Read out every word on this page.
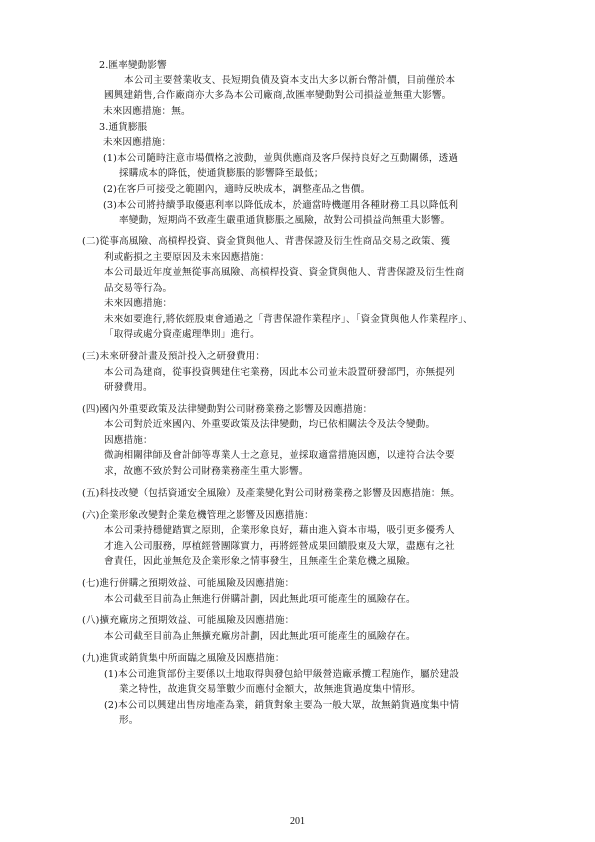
2.匯率變動影響
本公司主要營業收支、長短期負債及資本支出大多以新台幣計價，目前僅於本
國興建銷售,合作廠商亦大多為本公司廠商,故匯率變動對公司損益並無重大影響。
未來因應措施：無。
3.通貨膨脹
未來因應措施：
(1)本公司隨時注意市場價格之波動，並與供應商及客戶保持良好之互動關係，透過
採購成本的降低，使通貨膨脹的影響降至最低；
(2)在客戶可接受之範圍內，適時反映成本，調整產品之售價。
(3)本公司將持續爭取優惠利率以降低成本，於適當時機運用各種財務工具以降低利
率變動，短期尚不致產生嚴重通貨膨脹之風險，故對公司損益尚無重大影響。
(二)從事高風險、高槓桿投資、資金貸與他人、背書保證及衍生性商品交易之政策、獲
利或虧損之主要原因及未來因應措施：
本公司最近年度並無從事高風險、高槓桿投資、資金貸與他人、背書保證及衍生性商
品交易等行為。
未來因應措施：
未來如要進行,將依經股東會通過之「背書保證作業程序」、「資金貸與他人作業程序」、
「取得或處分資產處理準則」進行。
(三)未來研發計畫及預計投入之研發費用：
本公司為建商，從事投資興建住宅業務，因此本公司並未設置研發部門，亦無提列
研發費用。
(四)國內外重要政策及法律變動對公司財務業務之影響及因應措施：
本公司對於近來國內、外重要政策及法律變動，均已依相關法令及法令變動。
因應措施：
微詢相關律師及會計師等專業人士之意見，並採取適當措施因應，以達符合法令要
求，故應不致於對公司財務業務產生重大影響。
(五)科技改變（包括資通安全風險）及產業變化對公司財務業務之影響及因應措施：無。
(六)企業形象改變對企業危機管理之影響及因應措施：
本公司秉持穩健踏實之原則，企業形象良好，藉由進入資本市場，吸引更多優秀人
才進入公司服務，厚植經營團隊實力，再將經營成果回饋股東及大眾，盡應有之社
會責任，因此並無危及企業形象之情事發生，且無產生企業危機之風險。
(七)進行併購之預期效益、可能風險及因應措施：
本公司截至目前為止無進行併購計劃，因此無此項可能產生的風險存在。
(八)擴充廠房之預期效益、可能風險及因應措施：
本公司截至目前為止無擴充廠房計劃，因此無此項可能產生的風險存在。
(九)進貨或銷貨集中所面臨之風險及因應措施：
(1)本公司進貨部份主要係以土地取得與發包給甲級營造廠承攬工程施作，屬於建設
業之特性，故進貨交易筆數少而應付金額大，故無進貨過度集中情形。
(2)本公司以興建出售房地產為業，銷貨對象主要為一般大眾，故無銷貨過度集中情
形。
201
